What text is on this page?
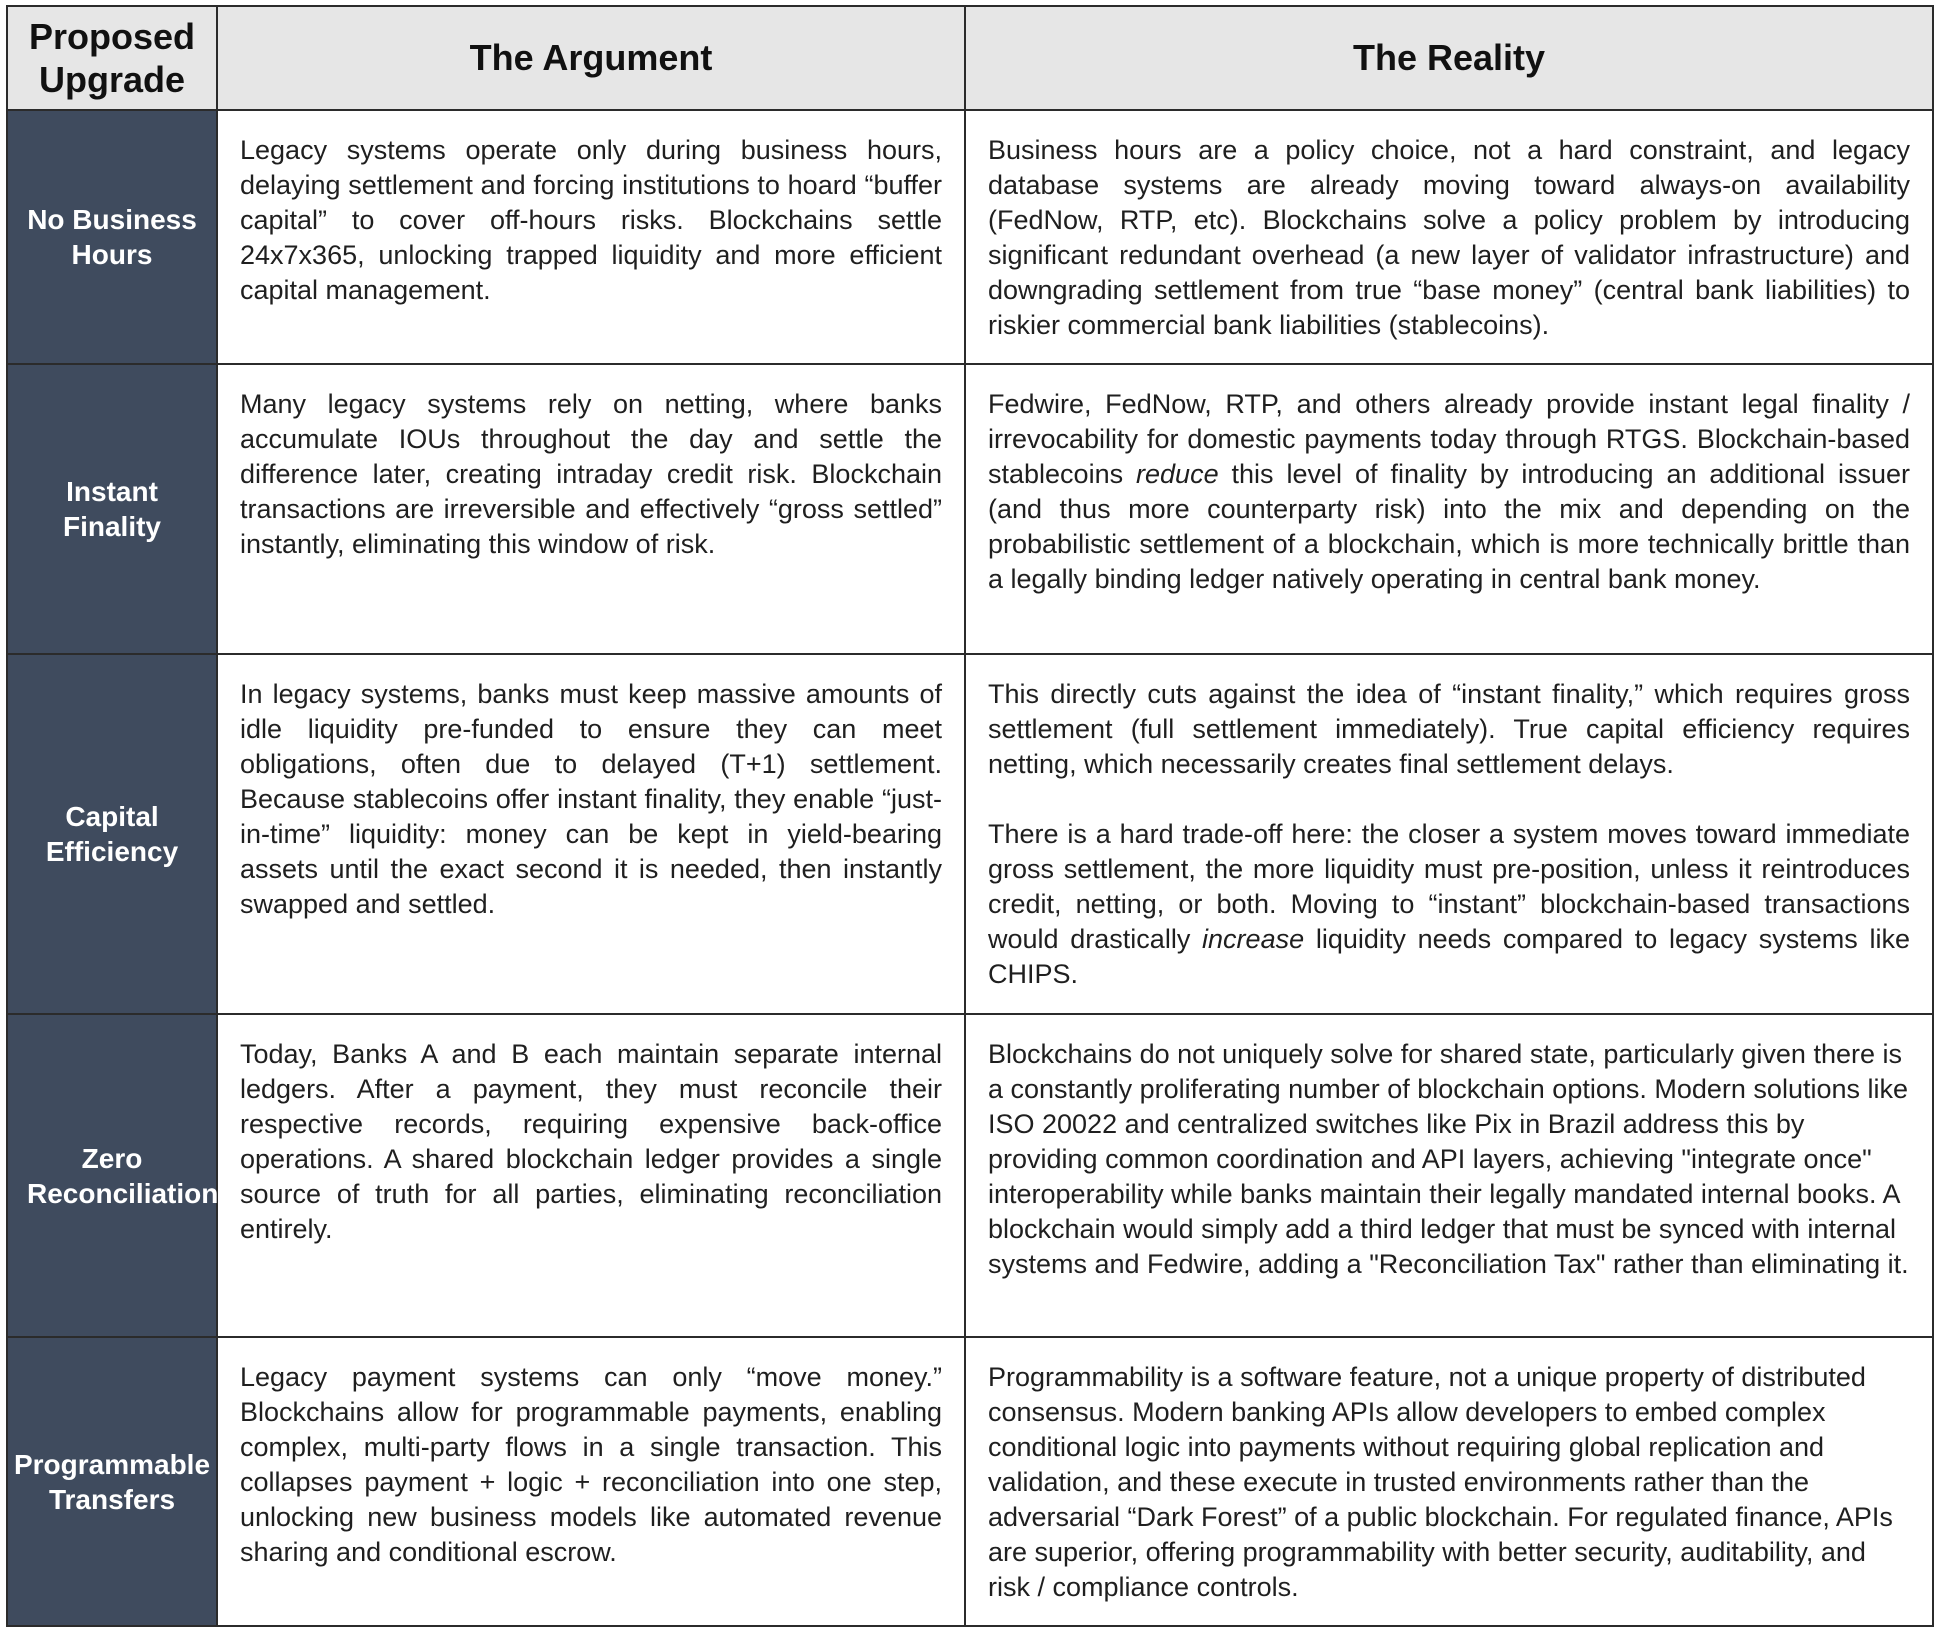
Proposed Upgrade
The Argument	The Reality
No Business Hours

Legacy systems operate only during business hours, delaying settlement and forcing institutions to hoard “buffer capital” to cover off-hours risks. Blockchains settle 24x7x365, unlocking trapped liquidity and more efficient capital management.

Business hours are a policy choice, not a hard constraint, and legacy database systems are already moving toward always-on availability (FedNow, RTP, etc). Blockchains solve a policy problem by introducing significant redundant overhead (a new layer of validator infrastructure) and downgrading settlement from true “base money” (central bank liabilities) to riskier commercial bank liabilities (stablecoins).

Instant Finality

Many legacy systems rely on netting, where banks accumulate IOUs throughout the day and settle the difference later, creating intraday credit risk. Blockchain transactions are irreversible and effectively “gross settled” instantly, eliminating this window of risk.

Fedwire, FedNow, RTP, and others already provide instant legal finality / irrevocability for domestic payments today through RTGS. Blockchain-based stablecoins reduce this level of finality by introducing an additional issuer (and thus more counterparty risk) into the mix and depending on the probabilistic settlement of a blockchain, which is more technically brittle than a legally binding ledger natively operating in central bank money.

Capital Efficiency

In legacy systems, banks must keep massive amounts of idle liquidity pre-funded to ensure they can meet obligations, often due to delayed (T+1) settlement. Because stablecoins offer instant finality, they enable “just-in-time” liquidity: money can be kept in yield-bearing assets until the exact second it is needed, then instantly swapped and settled.

This directly cuts against the idea of “instant finality,” which requires gross settlement (full settlement immediately). True capital efficiency requires netting, which necessarily creates final settlement delays.

There is a hard trade-off here: the closer a system moves toward immediate gross settlement, the more liquidity must pre-position, unless it reintroduces credit, netting, or both. Moving to “instant” blockchain-based transactions would drastically increase liquidity needs compared to legacy systems like CHIPS.

Zero Reconciliation

Today, Banks A and B each maintain separate internal ledgers. After a payment, they must reconcile their respective records, requiring expensive back-office operations. A shared blockchain ledger provides a single source of truth for all parties, eliminating reconciliation entirely.

Blockchains do not uniquely solve for shared state, particularly given there is a constantly proliferating number of blockchain options. Modern solutions like ISO 20022 and centralized switches like Pix in Brazil address this by providing common coordination and API layers, achieving "integrate once" interoperability while banks maintain their legally mandated internal books. A blockchain would simply add a third ledger that must be synced with internal systems and Fedwire, adding a "Reconciliation Tax" rather than eliminating it.

Programmable Transfers

Legacy payment systems can only “move money.” Blockchains allow for programmable payments, enabling complex, multi-party flows in a single transaction. This collapses payment + logic + reconciliation into one step, unlocking new business models like automated revenue sharing and conditional escrow.

Programmability is a software feature, not a unique property of distributed consensus. Modern banking APIs allow developers to embed complex conditional logic into payments without requiring global replication and validation, and these execute in trusted environments rather than the adversarial “Dark Forest” of a public blockchain. For regulated finance, APIs are superior, offering programmability with better security, auditability, and risk / compliance controls.
